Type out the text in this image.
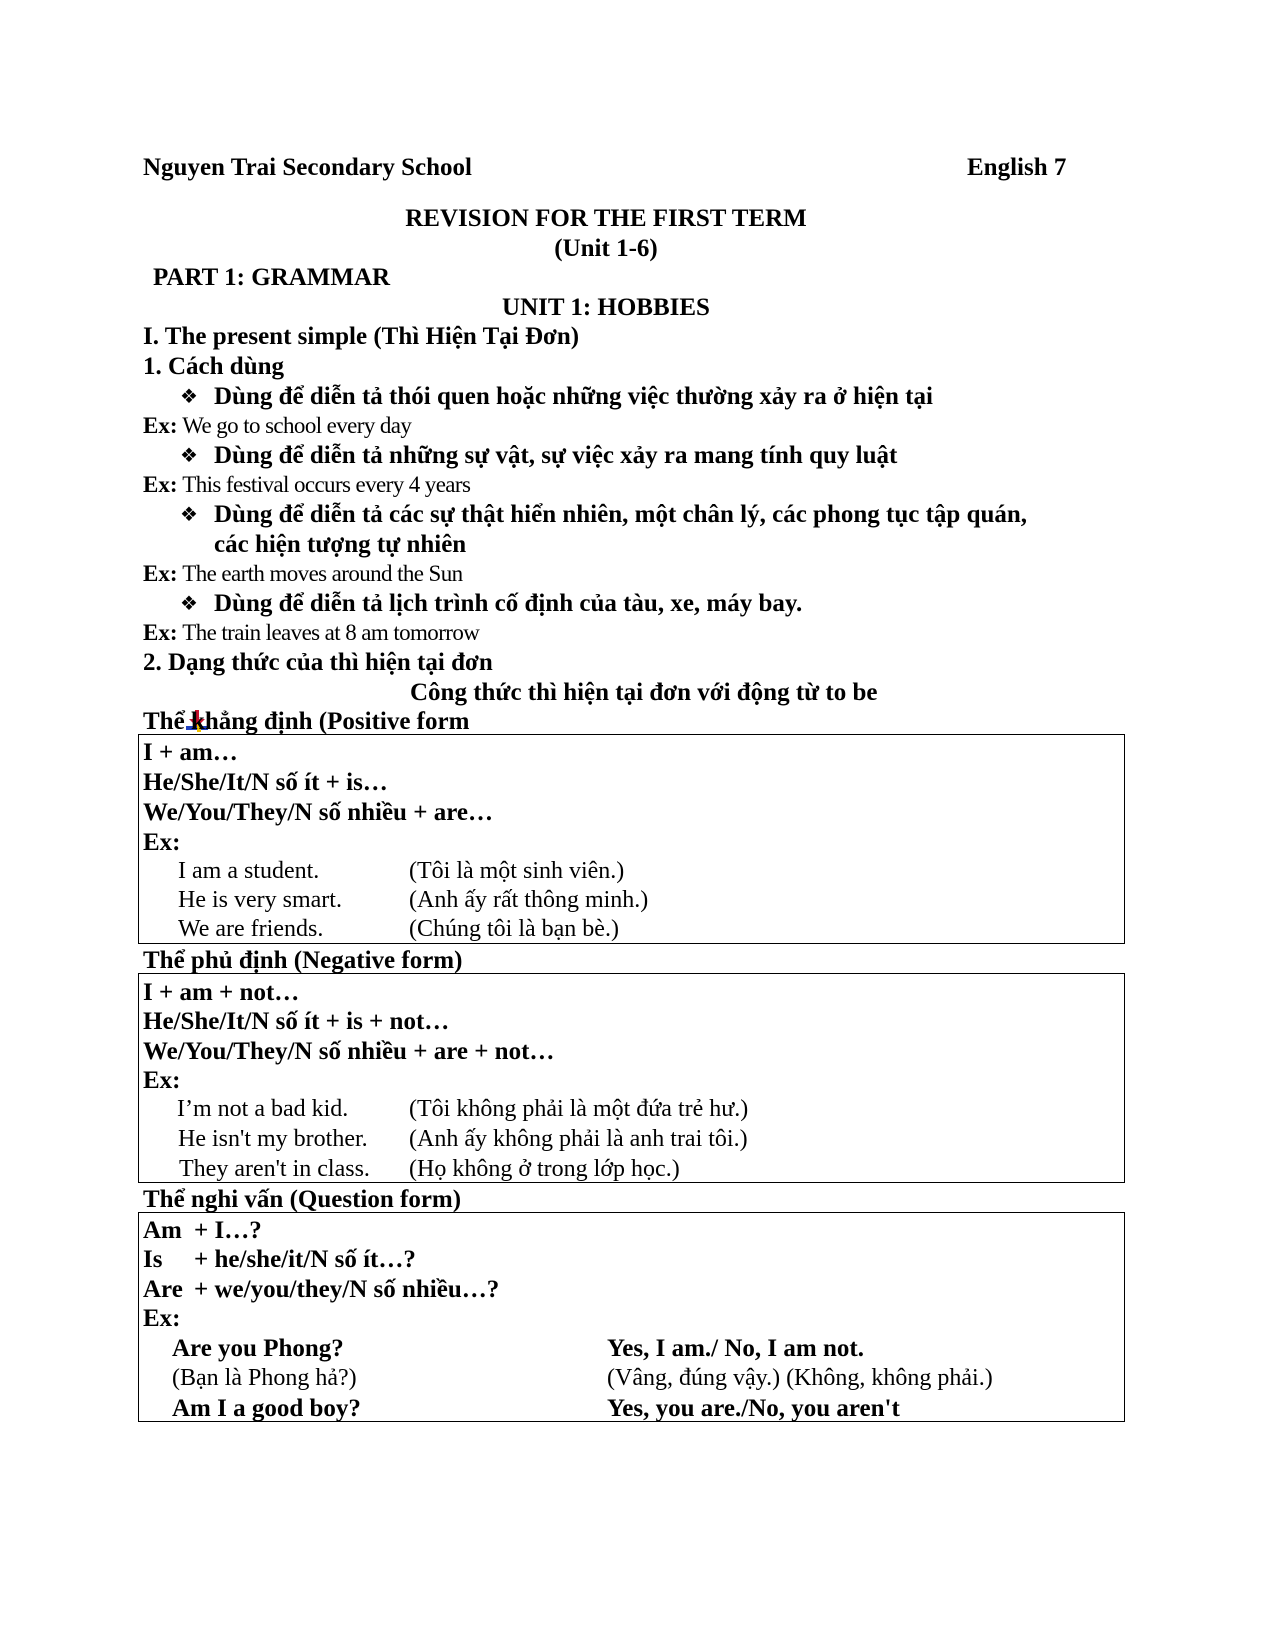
Nguyen Trai Secondary School	English 7
REVISION FOR THE FIRST TERM
(Unit 1-6)
PART 1: GRAMMAR
UNIT 1: HOBBIES
I. The present simple (Thì Hiện Tại Đơn)
1. Cách dùng
❖ Dùng để diễn tả thói quen hoặc những việc thường xảy ra ở hiện tại
Ex: We go to school every day
❖ Dùng để diễn tả những sự vật, sự việc xảy ra mang tính quy luật
Ex: This festival occurs every 4 years
❖ Dùng để diễn tả các sự thật hiển nhiên, một chân lý, các phong tục tập quán,
các hiện tượng tự nhiên
Ex: The earth moves around the Sun
❖ Dùng để diễn tả lịch trình cố định của tàu, xe, máy bay.
Ex: The train leaves at 8 am tomorrow
2. Dạng thức của thì hiện tại đơn
Công thức thì hiện tại đơn với động từ to be
Thể khẳng định (Positive form
I + am…
He/She/It/N số ít + is…
We/You/They/N số nhiều + are…
Ex:
I am a student.	(Tôi là một sinh viên.)
He is very smart.	(Anh ấy rất thông minh.)
We are friends.	(Chúng tôi là bạn bè.)
Thể phủ định (Negative form)
I + am + not…
He/She/It/N số ít + is + not…
We/You/They/N số nhiều + are + not…
Ex:
I’m not a bad kid.	(Tôi không phải là một đứa trẻ hư.)
He isn't my brother. (Anh ấy không phải là anh trai tôi.)
They aren't in class. (Họ không ở trong lớp học.)
Thể nghi vấn (Question form)
Am + I…?
Is + he/she/it/N số ít…?
Are + we/you/they/N số nhiều…?
Ex:
Are you Phong?	Yes, I am./ No, I am not.
(Bạn là Phong hả?)	(Vâng, đúng vậy.) (Không, không phải.)
Am I a good boy?	Yes, you are./No, you aren't
